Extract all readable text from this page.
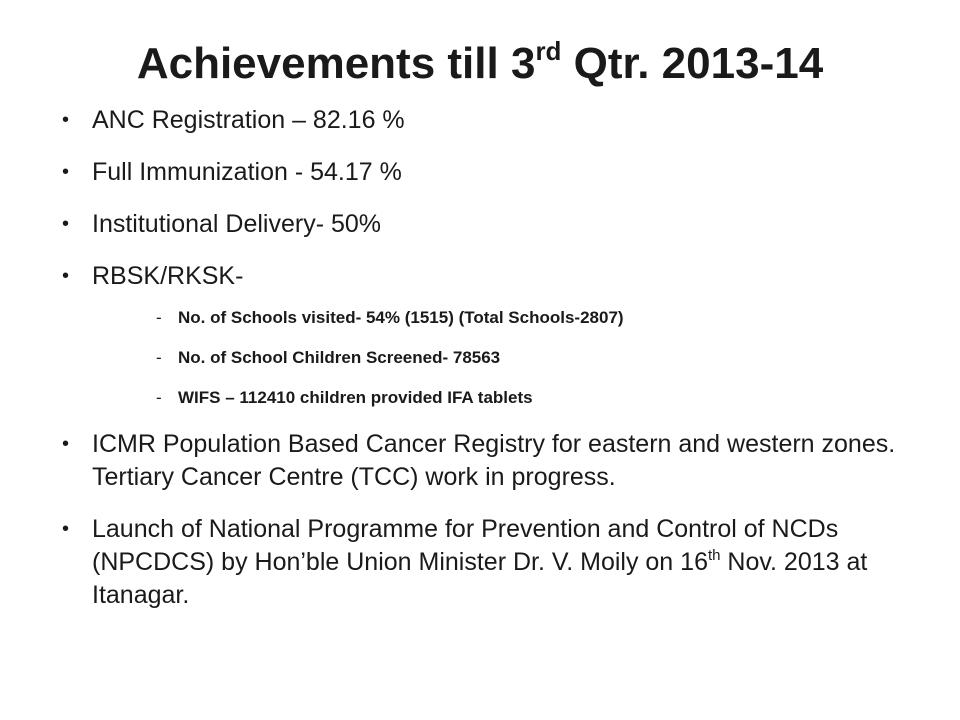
Achievements till 3rd Qtr. 2013-14
• ANC Registration – 82.16 %
• Full Immunization - 54.17 %
• Institutional Delivery- 50%
• RBSK/RKSK-
- No. of Schools visited- 54% (1515) (Total Schools-2807)
- No. of School Children Screened- 78563
- WIFS – 112410 children provided IFA tablets
• ICMR Population Based Cancer Registry for eastern and western zones. Tertiary Cancer Centre (TCC) work in progress.
• Launch of National Programme for Prevention and Control of NCDs (NPCDCS) by Hon’ble Union Minister Dr. V. Moily on 16th Nov. 2013 at Itanagar.
